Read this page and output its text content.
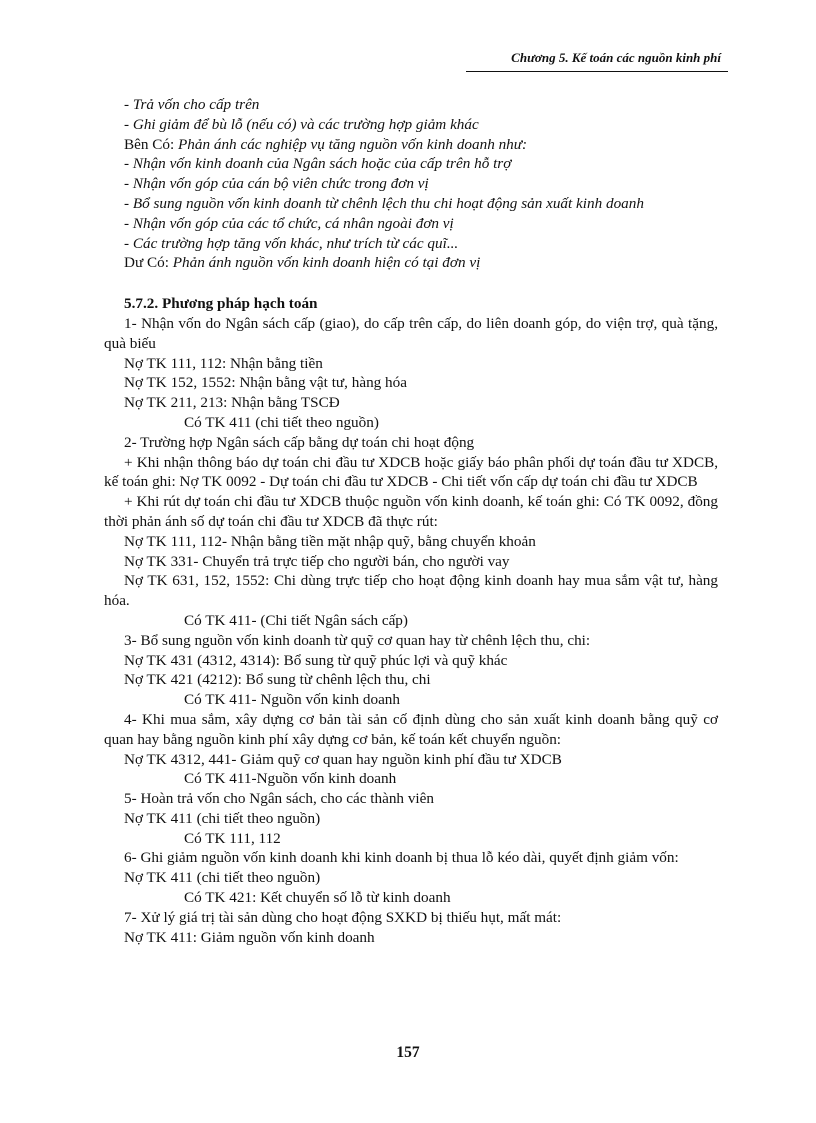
Chương 5. Kế toán các nguồn kinh phí

- Trả vốn cho cấp trên

- Ghi giảm để bù lỗ (nếu có) và các trường hợp giảm khác

Bên Có: Phản ánh các nghiệp vụ tăng nguồn vốn kinh doanh như:

- Nhận vốn kinh doanh của Ngân sách hoặc của cấp trên hỗ trợ

- Nhận vốn góp của cán bộ viên chức trong đơn vị

- Bổ sung nguồn vốn kinh doanh từ chênh lệch thu chi hoạt động sản xuất kinh doanh

- Nhận vốn góp của các tổ chức, cá nhân ngoài đơn vị

- Các trường hợp tăng vốn khác, như trích từ các quĩ...

Dư Có: Phản ánh nguồn vốn kinh doanh hiện có tại đơn vị

5.7.2. Phương pháp hạch toán

1- Nhận vốn do Ngân sách cấp (giao), do cấp trên cấp, do liên doanh góp, do viện trợ, quà tặng, quà biếu

Nợ TK 111, 112: Nhận bằng tiền

Nợ TK 152, 1552: Nhận bằng vật tư, hàng hóa

Nợ TK 211, 213: Nhận bằng TSCĐ

Có TK 411 (chi tiết theo nguồn)

2- Trường hợp Ngân sách cấp bằng dự toán chi hoạt động

+ Khi nhận thông báo dự toán chi đầu tư XDCB hoặc giấy báo phân phối dự toán đầu tư XDCB, kế toán ghi: Nợ TK 0092 - Dự toán chi đầu tư XDCB - Chi tiết vốn cấp dự toán chi đầu tư XDCB

+ Khi rút dự toán chi đầu tư XDCB thuộc nguồn vốn kinh doanh, kế toán ghi: Có TK 0092, đồng thời phản ánh số dự toán chi đầu tư XDCB đã thực rút:

Nợ TK 111, 112- Nhận bằng tiền mặt nhập quỹ, bằng chuyển khoản

Nợ TK 331- Chuyển trả trực tiếp cho người bán, cho người vay

Nợ TK 631, 152, 1552: Chi dùng trực tiếp cho hoạt động kinh doanh hay mua sắm vật tư, hàng hóa.

Có TK 411- (Chi tiết Ngân sách cấp)

3- Bổ sung nguồn vốn kinh doanh từ quỹ cơ quan hay từ chênh lệch thu, chi:

Nợ TK 431 (4312, 4314): Bổ sung từ quỹ phúc lợi và quỹ khác

Nợ TK 421 (4212): Bổ sung từ chênh lệch thu, chi

Có TK 411- Nguồn vốn kinh doanh

4- Khi mua sắm, xây dựng cơ bản tài sản cố định dùng cho sản xuất kinh doanh bằng quỹ cơ quan hay bằng nguồn kinh phí xây dựng cơ bản, kế toán kết chuyển nguồn:

Nợ TK 4312, 441- Giảm quỹ cơ quan hay nguồn kinh phí đầu tư XDCB

Có TK 411-Nguồn vốn kinh doanh

5- Hoàn trả vốn cho Ngân sách, cho các thành viên

Nợ TK 411 (chi tiết theo nguồn)

Có TK 111, 112

6- Ghi giảm nguồn vốn kinh doanh khi kinh doanh bị thua lỗ kéo dài, quyết định giảm vốn:

Nợ TK 411 (chi tiết theo nguồn)

Có TK 421: Kết chuyển số lỗ từ kinh doanh

7- Xử lý giá trị tài sản dùng cho hoạt động SXKD bị thiếu hụt, mất mát:

Nợ TK 411: Giảm nguồn vốn kinh doanh

157
